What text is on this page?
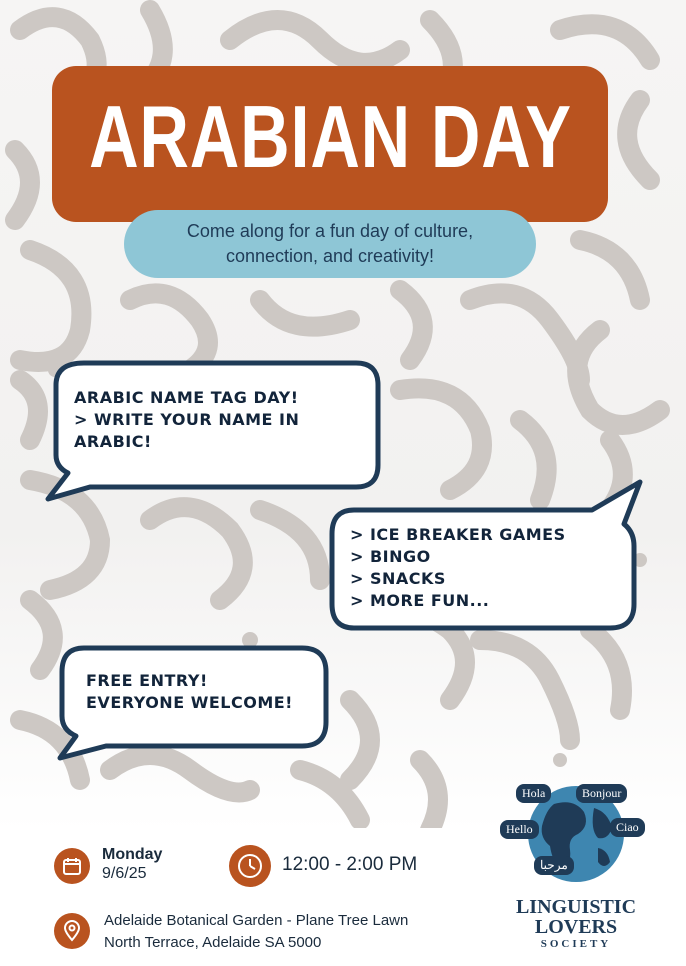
ARABIAN DAY
Come along for a fun day of culture,
connection, and creativity!
ARABIC NAME TAG DAY!
> WRITE YOUR NAME IN
ARABIC!
> ICE BREAKER GAMES
> BINGO
> SNACKS
> MORE FUN...
FREE ENTRY!
EVERYONE WELCOME!
Monday
9/6/25	12:00 - 2:00 PM
Adelaide Botanical Garden - Plane Tree Lawn
North Terrace, Adelaide SA 5000
Hola	Bonjour
Hello	Ciao
مرحبا
LINGUISTIC
LOVERS
SOCIETY
